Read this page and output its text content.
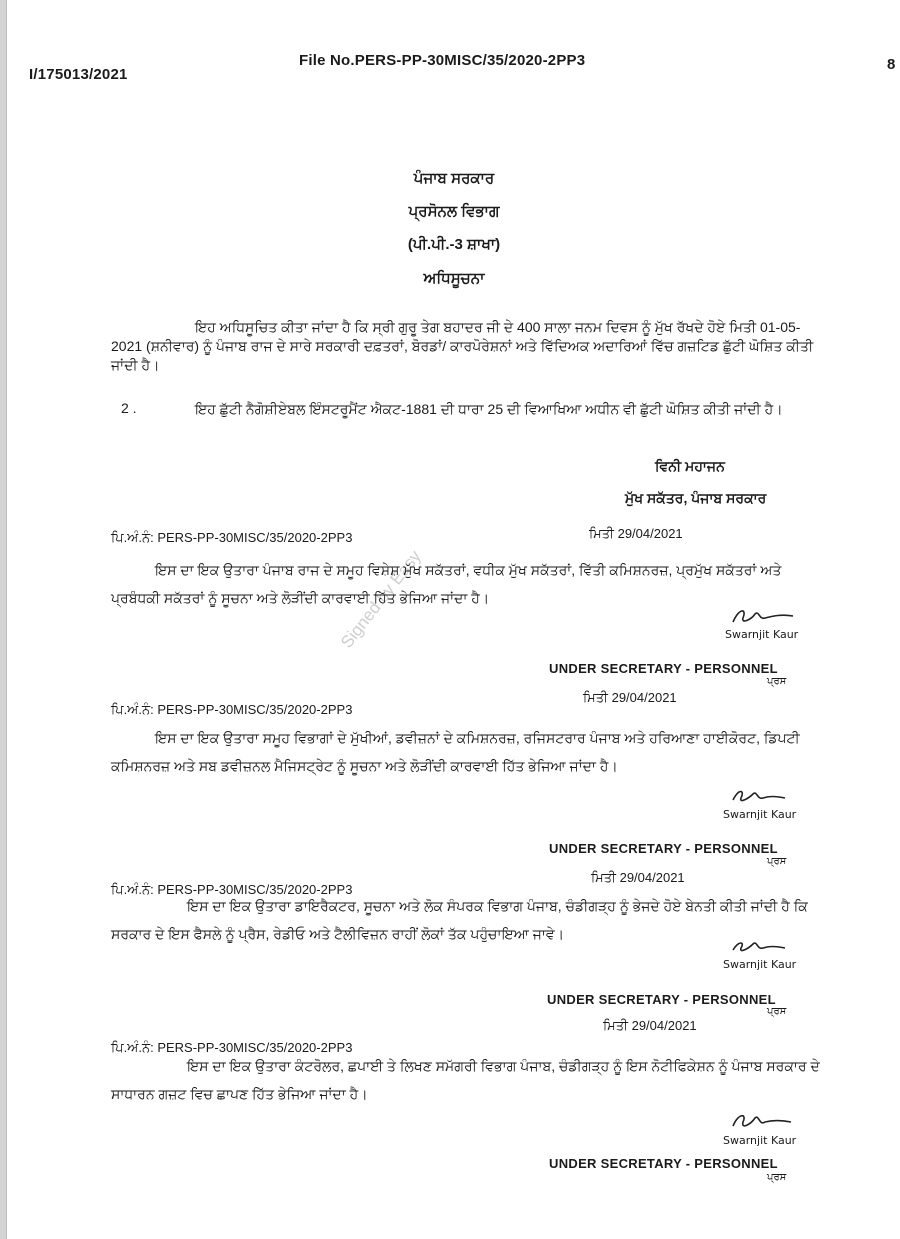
I/175013/2021
File No.PERS-PP-30MISC/35/2020-2PP3	8
Signed by Easy
ਪੰਜਾਬ ਸਰਕਾਰ
ਪ੍ਰਸੋਨਲ ਵਿਭਾਗ
(ਪੀ.ਪੀ.-3 ਸ਼ਾਖਾ)
ਅਧਿਸੂਚਨਾ
ਇਹ ਅਧਿਸੂਚਿਤ ਕੀਤਾ ਜਾਂਦਾ ਹੈ ਕਿ ਸ੍ਰੀ ਗੁਰੂ ਤੇਗ ਬਹਾਦਰ ਜੀ ਦੇ 400 ਸਾਲਾ ਜਨਮ ਦਿਵਸ ਨੂੰ ਮੁੱਖ ਰੱਖਦੇ ਹੋਏ ਮਿਤੀ 01-05-2021 (ਸ਼ਨੀਵਾਰ) ਨੂੰ ਪੰਜਾਬ ਰਾਜ ਦੇ ਸਾਰੇ ਸਰਕਾਰੀ ਦਫ਼ਤਰਾਂ, ਬੋਰਡਾਂ/ ਕਾਰਪੋਰੇਸ਼ਨਾਂ ਅਤੇ ਵਿੱਦਿਅਕ ਅਦਾਰਿਆਂ ਵਿੱਚ ਗਜ਼ਟਿਡ ਛੁੱਟੀ ਘੋਸ਼ਿਤ ਕੀਤੀ ਜਾਂਦੀ ਹੈ।
2 .	ਇਹ ਛੁੱਟੀ ਨੈਗੋਸ਼ੀਏਬਲ ਇੰਸਟਰੂਮੈਂਟ ਐਕਟ-1881 ਦੀ ਧਾਰਾ 25 ਦੀ ਵਿਆਖਿਆ ਅਧੀਨ ਵੀ ਛੁੱਟੀ ਘੋਸ਼ਿਤ ਕੀਤੀ ਜਾਂਦੀ ਹੈ।
ਵਿਨੀ ਮਹਾਜਨ
ਮੁੱਖ ਸਕੱਤਰ, ਪੰਜਾਬ ਸਰਕਾਰ
ਪਿ.ਅੰ.ਨੰ: PERS-PP-30MISC/35/2020-2PP3	ਮਿਤੀ 29/04/2021
ਇਸ ਦਾ ਇਕ ਉਤਾਰਾ ਪੰਜਾਬ ਰਾਜ ਦੇ ਸਮੂਹ ਵਿਸ਼ੇਸ਼ ਮੁੱਖ ਸਕੱਤਰਾਂ, ਵਧੀਕ ਮੁੱਖ ਸਕੱਤਰਾਂ, ਵਿੱਤੀ ਕਮਿਸ਼ਨਰਜ਼, ਪ੍ਰਮੁੱਖ ਸਕੱਤਰਾਂ ਅਤੇ ਪ੍ਰਬੰਧਕੀ ਸਕੱਤਰਾਂ ਨੂੰ ਸੂਚਨਾ ਅਤੇ ਲੋੜੀਂਦੀ ਕਾਰਵਾਈ ਹਿੱਤ ਭੇਜਿਆ ਜਾਂਦਾ ਹੈ।
Swarnjit Kaur
UNDER SECRETARY - PERSONNEL
ਪ੍ਰਸ
ਪਿ.ਅੰ.ਨੰ: PERS-PP-30MISC/35/2020-2PP3
ਮਿਤੀ 29/04/2021
ਇਸ ਦਾ ਇਕ ਉਤਾਰਾ ਸਮੂਹ ਵਿਭਾਗਾਂ ਦੇ ਮੁੱਖੀਆਂ, ਡਵੀਜ਼ਨਾਂ ਦੇ ਕਮਿਸ਼ਨਰਜ਼, ਰਜਿਸਟਰਾਰ ਪੰਜਾਬ ਅਤੇ ਹਰਿਆਣਾ ਹਾਈਕੋਰਟ, ਡਿਪਟੀ ਕਮਿਸ਼ਨਰਜ਼ ਅਤੇ ਸਬ ਡਵੀਜ਼ਨਲ ਮੈਜਿਸਟ੍ਰੇਟ ਨੂੰ ਸੂਚਨਾ ਅਤੇ ਲੋੜੀਂਦੀ ਕਾਰਵਾਈ ਹਿੱਤ ਭੇਜਿਆ ਜਾਂਦਾ ਹੈ।
Swarnjit Kaur
UNDER SECRETARY - PERSONNEL
ਪ੍ਰਸ
ਪਿ.ਅੰ.ਨੰ: PERS-PP-30MISC/35/2020-2PP3
ਮਿਤੀ 29/04/2021
ਇਸ ਦਾ ਇਕ ਉਤਾਰਾ ਡਾਇਰੈਕਟਰ, ਸੂਚਨਾ ਅਤੇ ਲੋਕ ਸੰਪਰਕ ਵਿਭਾਗ ਪੰਜਾਬ, ਚੰਡੀਗੜ੍ਹ ਨੂੰ ਭੇਜਦੇ ਹੋਏ ਬੇਨਤੀ ਕੀਤੀ ਜਾਂਦੀ ਹੈ ਕਿ ਸਰਕਾਰ ਦੇ ਇਸ ਫੈਸਲੇ ਨੂੰ ਪ੍ਰੈਸ, ਰੇਡੀਓ ਅਤੇ ਟੈਲੀਵਿਜ਼ਨ ਰਾਹੀਂ ਲੋਕਾਂ ਤੱਕ ਪਹੁੰਚਾਇਆ ਜਾਵੇ।
Swarnjit Kaur
UNDER SECRETARY - PERSONNEL
ਪ੍ਰਸ
ਪਿ.ਅੰ.ਨੰ: PERS-PP-30MISC/35/2020-2PP3
ਮਿਤੀ 29/04/2021
ਇਸ ਦਾ ਇਕ ਉਤਾਰਾ ਕੰਟਰੋਲਰ, ਛਪਾਈ ਤੇ ਲਿਖਣ ਸਮੱਗਰੀ ਵਿਭਾਗ ਪੰਜਾਬ, ਚੰਡੀਗੜ੍ਹ ਨੂੰ ਇਸ ਨੋਟੀਫਿਕੇਸ਼ਨ ਨੂੰ ਪੰਜਾਬ ਸਰਕਾਰ ਦੇ ਸਾਧਾਰਨ ਗਜ਼ਟ ਵਿਚ ਛਾਪਣ ਹਿੱਤ ਭੇਜਿਆ ਜਾਂਦਾ ਹੈ।
Swarnjit Kaur
UNDER SECRETARY - PERSONNEL
ਪ੍ਰਸ
